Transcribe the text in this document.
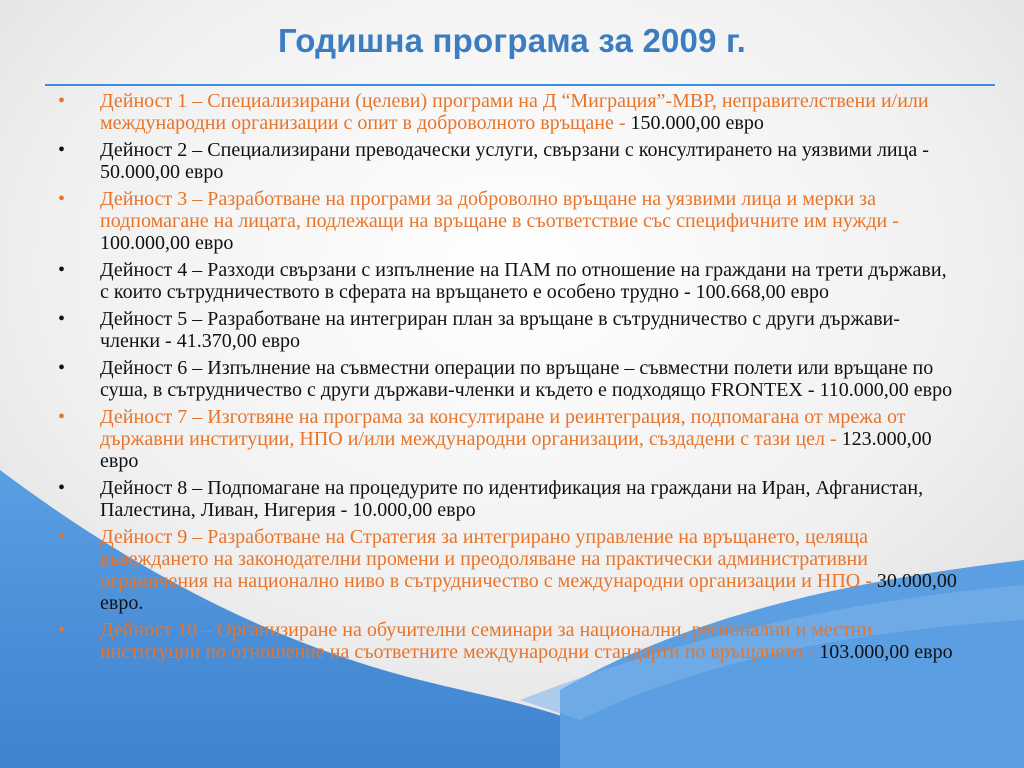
Годишна програма за 2009 г.
•	Дейност 1 – Специализирани (целеви) програми на Д “Миграция”-МВР, неправителствени и/или международни организации с опит в доброволното връщане - 150.000,00 евро
•	Дейност 2 – Специализирани преводачески услуги, свързани с консултирането на уязвими лица - 50.000,00 евро
•	Дейност 3 – Разработване на програми за доброволно връщане на уязвими лица и мерки за подпомагане на лицата, подлежащи на връщане в съответствие със специфичните им нужди - 100.000,00 евро
•	Дейност 4 – Разходи свързани с изпълнение на ПАМ по отношение на граждани на трети държави, с които сътрудничеството в сферата на връщането е особено трудно - 100.668,00 евро
•	Дейност 5 – Разработване на интегриран план за връщане в сътрудничество с други държави-членки - 41.370,00 евро
•	Дейност 6 – Изпълнение на съвместни операции по връщане – съвместни полети или връщане по суша, в сътрудничество с други държави-членки и където е подходящо FRONTEX - 110.000,00 евро
•	Дейност 7 – Изготвяне на програма за консултиране и реинтеграция, подпомагана от мрежа от държавни институции, НПО и/или международни организации, създадени с тази цел - 123.000,00 евро
•	Дейност 8 – Подпомагане на процедурите по идентификация на граждани на Иран, Афганистан, Палестина, Ливан, Нигерия - 10.000,00 евро
•	Дейност 9 – Разработване на Стратегия за интегрирано управление на връщането, целяща въвеждането на законодателни промени и преодоляване на практически административни ограничения на национално ниво в сътрудничество с международни организации и НПО - 30.000,00 евро.
•	Дейност 10 – Организиране на обучителни семинари за национални, регионални и местни институции по отношение на съответните международни стандарти по връщането - 103.000,00 евро
